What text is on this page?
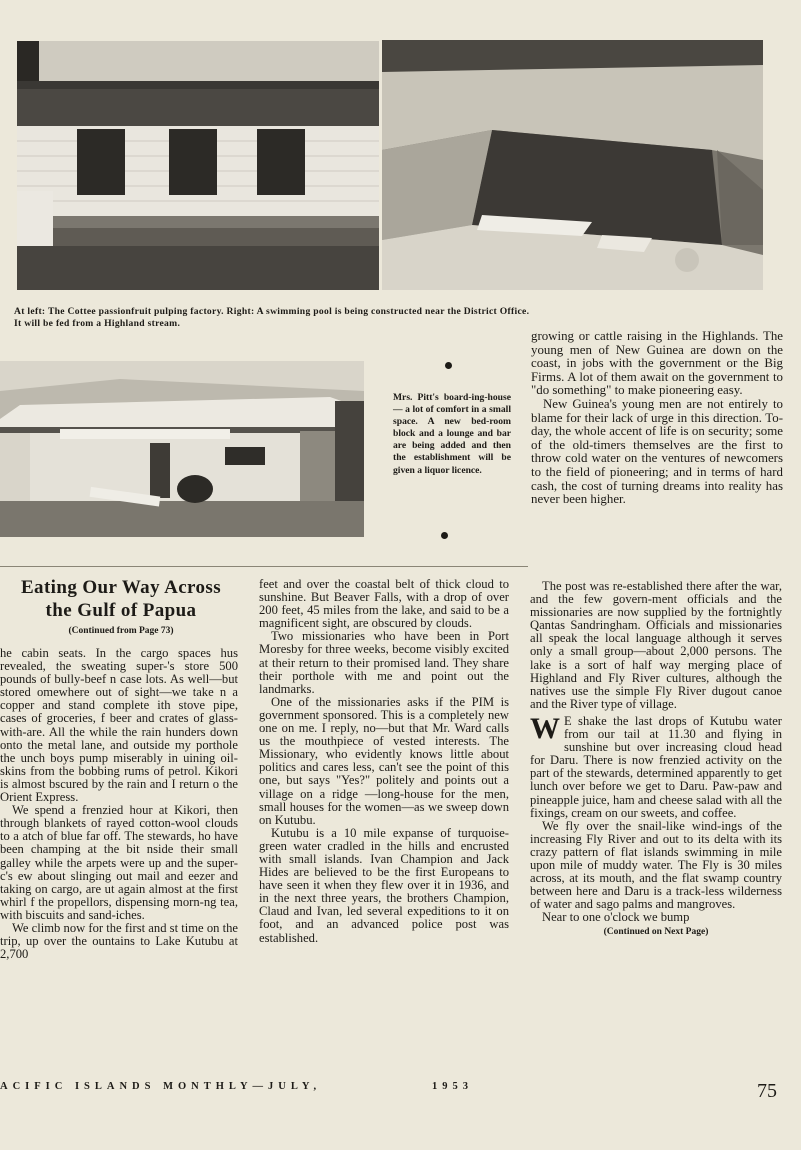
At left: The Cottee passionfruit pulping factory. Right: A swimming pool is being constructed near the District Office.
It will be fed from a Highland stream.
Mrs. Pitt's board-ing-house — a lot of comfort in a small space. A new bed-room block and a lounge and bar are being added and then the establishment will be given a liquor licence.

growing or cattle raising in the Highlands. The young men of New Guinea are down on the coast, in jobs with the government or the Big Firms. A lot of them await on the government to "do something" to make pioneering easy.

New Guinea's young men are not entirely to blame for their lack of urge in this direction. To-day, the whole accent of life is on security; some of the old-timers themselves are the first to throw cold water on the ventures of newcomers to the field of pioneering; and in terms of hard cash, the cost of turning dreams into reality has never been higher.

Eating Our Way Across
the Gulf of Papua
(Continued from Page 73)

he cabin seats. In the cargo spaces hus revealed, the sweating super-'s store 500 pounds of bully-beef n case lots. As well—but stored omewhere out of sight—we take n a copper and stand complete ith stove pipe, cases of groceries, f beer and crates of glass-with-are. All the while the rain hunders down onto the metal lane, and outside my porthole the unch boys pump miserably in uining oil-skins from the bobbing rums of petrol. Kikori is almost bscured by the rain and I return o the Orient Express.

We spend a frenzied hour at Kikori, then through blankets of rayed cotton-wool clouds to a atch of blue far off. The stewards, ho have been champing at the bit nside their small galley while the arpets were up and the super-c's ew about slinging out mail and eezer and taking on cargo, are ut again almost at the first whirl f the propellors, dispensing morn-ng tea, with biscuits and sand-iches.

We climb now for the first and st time on the trip, up over the ountains to Lake Kutubu at 2,700

feet and over the coastal belt of thick cloud to sunshine. But Beaver Falls, with a drop of over 200 feet, 45 miles from the lake, and said to be a magnificent sight, are obscured by clouds.

Two missionaries who have been in Port Moresby for three weeks, become visibly excited at their return to their promised land. They share their porthole with me and point out the landmarks.

One of the missionaries asks if the PIM is government sponsored. This is a completely new one on me. I reply, no—but that Mr. Ward calls us the mouthpiece of vested interests. The Missionary, who evidently knows little about politics and cares less, can't see the point of this one, but says "Yes?" politely and points out a village on a ridge —long-house for the men, small houses for the women—as we sweep down on Kutubu.

Kutubu is a 10 mile expanse of turquoise-green water cradled in the hills and encrusted with small islands. Ivan Champion and Jack Hides are believed to be the first Europeans to have seen it when they flew over it in 1936, and in the next three years, the brothers Champion, Claud and Ivan, led several expeditions to it on foot, and an advanced police post was established.

The post was re-established there after the war, and the few govern-ment officials and the missionaries are now supplied by the fortnightly Qantas Sandringham. Officials and missionaries all speak the local language although it serves only a small group—about 2,000 persons. The lake is a sort of half way merging place of Highland and Fly River cultures, although the natives use the simple Fly River dugout canoe and the River type of village.

W E shake the last drops of Kutubu water from our tail at 11.30 and flying in sunshine but over increasing cloud head for Daru. There is now frenzied activity on the part of the stewards, determined apparently to get lunch over before we get to Daru. Paw-paw and pineapple juice, ham and cheese salad with all the fixings, cream on our sweets, and coffee.

We fly over the snail-like wind-ings of the increasing Fly River and out to its delta with its crazy pattern of flat islands swimming in mile upon mile of muddy water. The Fly is 30 miles across, at its mouth, and the flat swamp country between here and Daru is a track-less wilderness of water and sago palms and mangroves.

Near to one o'clock we bump

(Continued on Next Page)
ACIFIC ISLANDS MONTHLY—JULY,	1953	75
